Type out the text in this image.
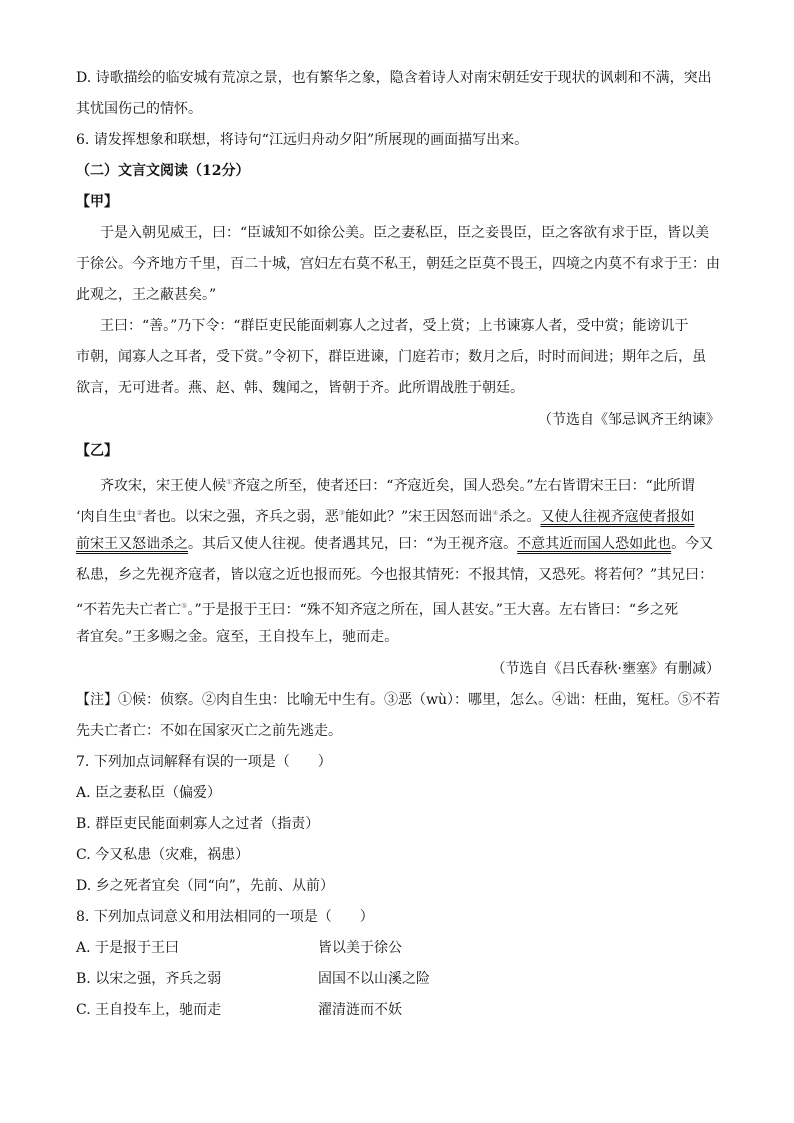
D. 诗歌描绘的临安城有荒凉之景，也有繁华之象，隐含着诗人对南宋朝廷安于现状的讽刺和不满，突出
其忧国伤己的情怀。
6. 请发挥想象和联想，将诗句“江远归舟动夕阳”所展现的画面描写出来。
（二）文言文阅读（12分）
【甲】
于是入朝见威王，曰：“臣诚知不如徐公美。臣之妻私臣，臣之妾畏臣，臣之客欲有求于臣，皆以美
于徐公。今齐地方千里，百二十城，宫妇左右莫不私王，朝廷之臣莫不畏王，四境之内莫不有求于王：由
此观之，王之蔽甚矣。”
王曰：“善。”乃下令：“群臣吏民能面刺寡人之过者，受上赏；上书谏寡人者，受中赏；能谤讥于
市朝，闻寡人之耳者，受下赏。”令初下，群臣进谏，门庭若市；数月之后，时时而间进；期年之后，虽
欲言，无可进者。燕、赵、韩、魏闻之，皆朝于齐。此所谓战胜于朝廷。
（节选自《邹忌讽齐王纳谏》
【乙】
齐攻宋，宋王使人候①齐寇之所至，使者还曰：“齐寇近矣，国人恐矣。”左右皆谓宋王曰：“此所谓
‘肉自生虫②者也。以宋之强，齐兵之弱，恶③能如此？”宋王因怒而诎④杀之。又使人往视齐寇使者报如
前宋王又怒诎杀之。其后又使人往视。使者遇其兄，曰：“为王视齐寇。不意其近而国人恐如此也。今又
私患，乡之先视齐寇者，皆以寇之近也报而死。今也报其情死：不报其情，又恐死。将若何？”其兄曰：
“不若先夫亡者亡⑤。”于是报于王曰：“殊不知齐寇之所在，国人甚安。”王大喜。左右皆曰：“乡之死
者宜矣。”王多赐之金。寇至，王自投车上，驰而走。
（节选自《吕氏春秋·壅塞》有删减）
【注】①候：侦察。②肉自生虫：比喻无中生有。③恶（wù）：哪里，怎么。④诎：枉曲，冤枉。⑤不若
先夫亡者亡：不如在国家灭亡之前先逃走。
7. 下列加点词解释有误的一项是（　　）
A. 臣之妻私臣（偏爱）
B. 群臣吏民能面刺寡人之过者（指责）
C. 今又私患（灾难，祸患）
D. 乡之死者宜矣（同“向”，先前、从前）
8. 下列加点词意义和用法相同的一项是（　　）
A. 于是报于王曰	皆以美于徐公
B. 以宋之强，齐兵之弱	固国不以山溪之险
C. 王自投车上，驰而走	濯清涟而不妖
